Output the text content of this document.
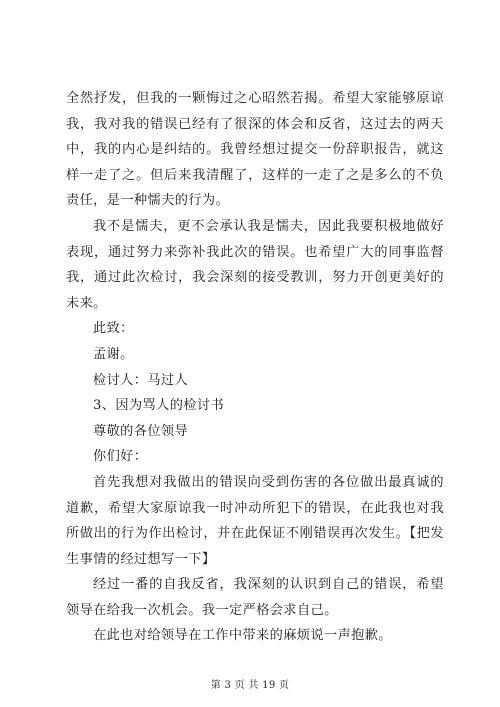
全然抒发，但我的一颗悔过之心昭然若揭。希望大家能够原谅我，我对我的错误已经有了很深的体会和反省，这过去的两天中，我的内心是纠结的。我曾经想过提交一份辞职报告，就这样一走了之。但后来我清醒了，这样的一走了之是多么的不负责任，是一种懦夫的行为。

我不是懦夫，更不会承认我是懦夫，因此我要积极地做好表现，通过努力来弥补我此次的错误。也希望广大的同事监督我，通过此次检讨，我会深刻的接受教训，努力开创更美好的未来。

此致：

孟谢。

检讨人：马过人

3、因为骂人的检讨书

尊敬的各位领导

你们好：

首先我想对我做出的错误向受到伤害的各位做出最真诚的道歉，希望大家原谅我一时冲动所犯下的错误，在此我也对我所做出的行为作出检讨，并在此保证不刚错误再次发生。【把发生事情的经过想写一下】

经过一番的自我反省，我深刻的认识到自己的错误，希望领导在给我一次机会。我一定严格会求自己。

在此也对给领导在工作中带来的麻烦说一声抱歉。

第 3 页 共 19 页
